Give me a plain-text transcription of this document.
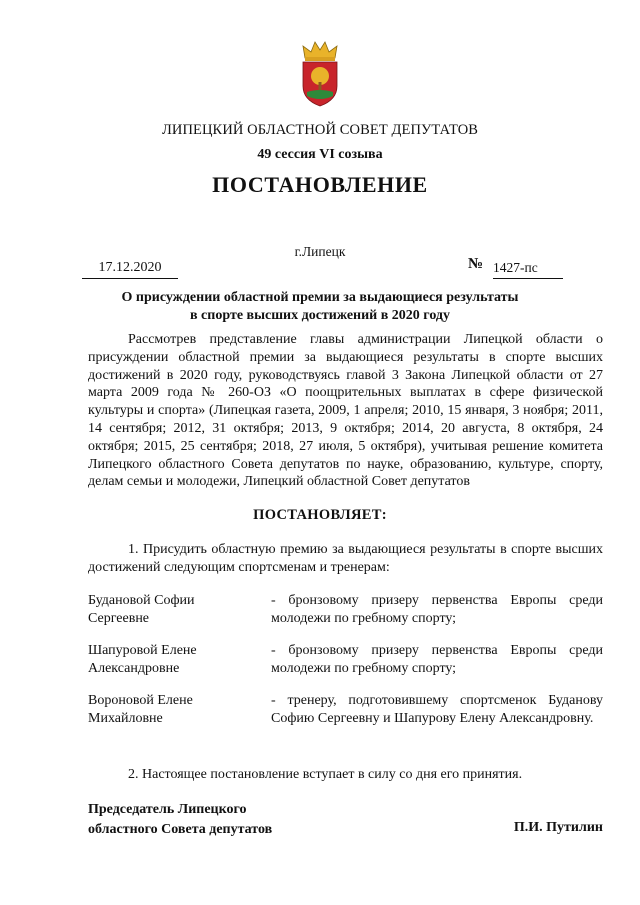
ЛИПЕЦКИЙ ОБЛАСТНОЙ СОВЕТ ДЕПУТАТОВ
49 сессия VI созыва
ПОСТАНОВЛЕНИЕ
г.Липецк
17.12.2020	№ 1427-пс
О присуждении областной премии за выдающиеся результаты
в спорте высших достижений в 2020 году

Рассмотрев представление главы администрации Липецкой области о присуждении областной премии за выдающиеся результаты в спорте высших достижений в 2020 году, руководствуясь главой 3 Закона Липецкой области от 27 марта 2009 года № 260-ОЗ «О поощрительных выплатах в сфере физической культуры и спорта» (Липецкая газета, 2009, 1 апреля; 2010, 15 января, 3 ноября; 2011, 14 сентября; 2012, 31 октября; 2013, 9 октября; 2014, 20 августа, 8 октября, 24 октября; 2015, 25 сентября; 2018, 27 июля, 5 октября), учитывая решение комитета Липецкого областного Совета депутатов по науке, образованию, культуре, спорту, делам семьи и молодежи, Липецкий областной Совет депутатов

ПОСТАНОВЛЯЕТ:

1. Присудить областную премию за выдающиеся результаты в спорте высших достижений следующим спортсменам и тренерам:

Будановой Софии
Сергеевне
- бронзовому призеру первенства Европы среди молодежи по гребному спорту;
Шапуровой Елене
Александровне
- бронзовому призеру первенства Европы среди молодежи по гребному спорту;
Вороновой Елене
Михайловне
- тренеру, подготовившему спортсменок Буданову Софию Сергеевну и Шапурову Елену Александровну.

2. Настоящее постановление вступает в силу со дня его принятия.

Председатель Липецкого
областного Совета депутатов	П.И. Путилин
